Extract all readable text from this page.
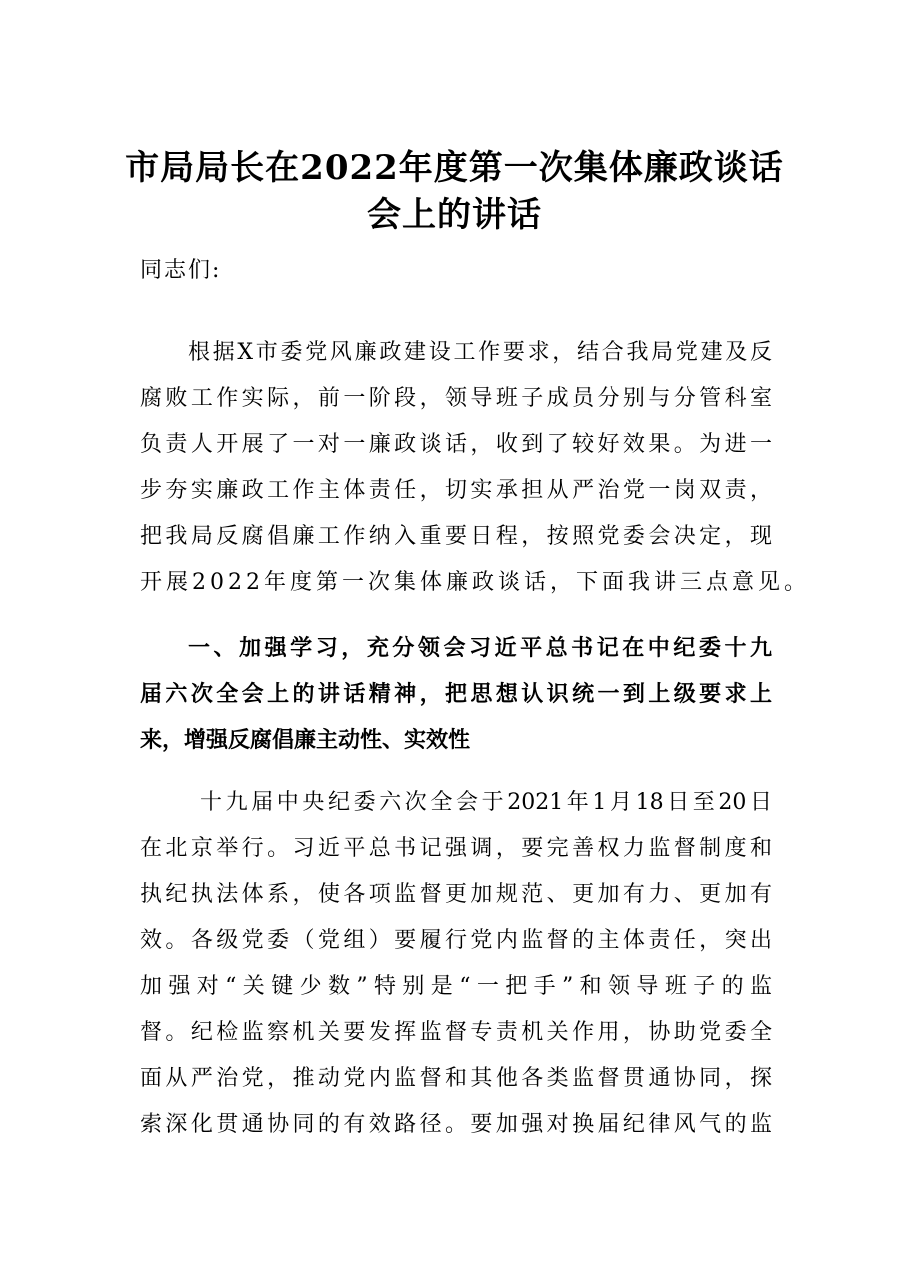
市局局长在2022年度第一次集体廉政谈话
会上的讲话
同志们:
根据X市委党风廉政建设工作要求，结合我局党建及反
腐败工作实际，前一阶段，领导班子成员分别与分管科室
负责人开展了一对一廉政谈话，收到了较好效果。为进一
步夯实廉政工作主体责任，切实承担从严治党一岗双责，
把我局反腐倡廉工作纳入重要日程，按照党委会决定，现
开展2022年度第一次集体廉政谈话，下面我讲三点意见。
一、加强学习，充分领会习近平总书记在中纪委十九
届六次全会上的讲话精神，把思想认识统一到上级要求上
来，增强反腐倡廉主动性、实效性
十九届中央纪委六次全会于2021年1月18日至20日
在北京举行。习近平总书记强调，要完善权力监督制度和
执纪执法体系，使各项监督更加规范、更加有力、更加有
效。各级党委（党组）要履行党内监督的主体责任，突出
加强对“关键少数”特别是“一把手”和领导班子的监
督。纪检监察机关要发挥监督专责机关作用，协助党委全
面从严治党，推动党内监督和其他各类监督贯通协同，探
索深化贯通协同的有效路径。要加强对换届纪律风气的监
